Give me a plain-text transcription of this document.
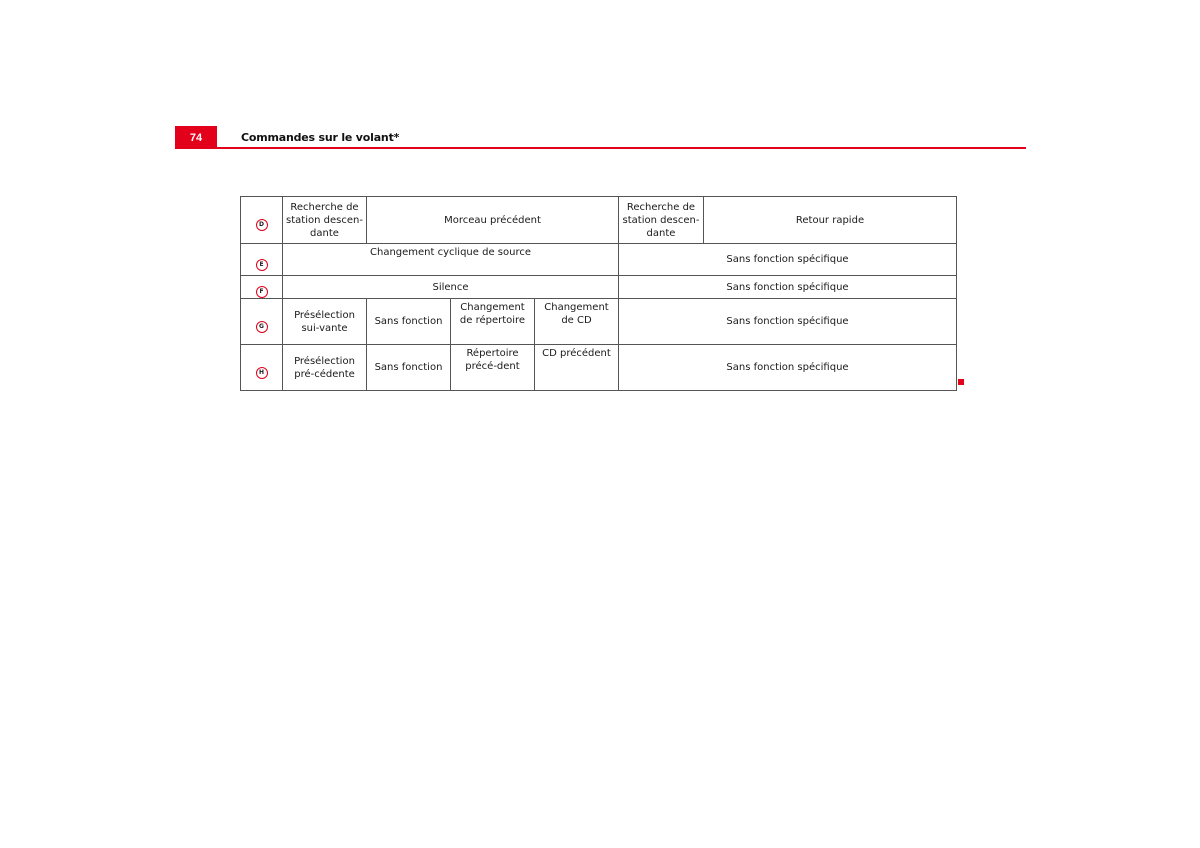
74	Commandes sur le volant*
D	Recherche de station descen-dante	Morceau précédent			Recherche de station descen-dante	Retour rapide
E	Changement cyclique de source				Sans fonction spécifique	
F	Silence				Sans fonction spécifique	
G	Présélection sui-vante	Sans fonction	Changement de répertoire	Changement de CD	Sans fonction spécifique	
H	Présélection pré-cédente	Sans fonction	Répertoire précé-dent	CD précédent	Sans fonction spécifique	
